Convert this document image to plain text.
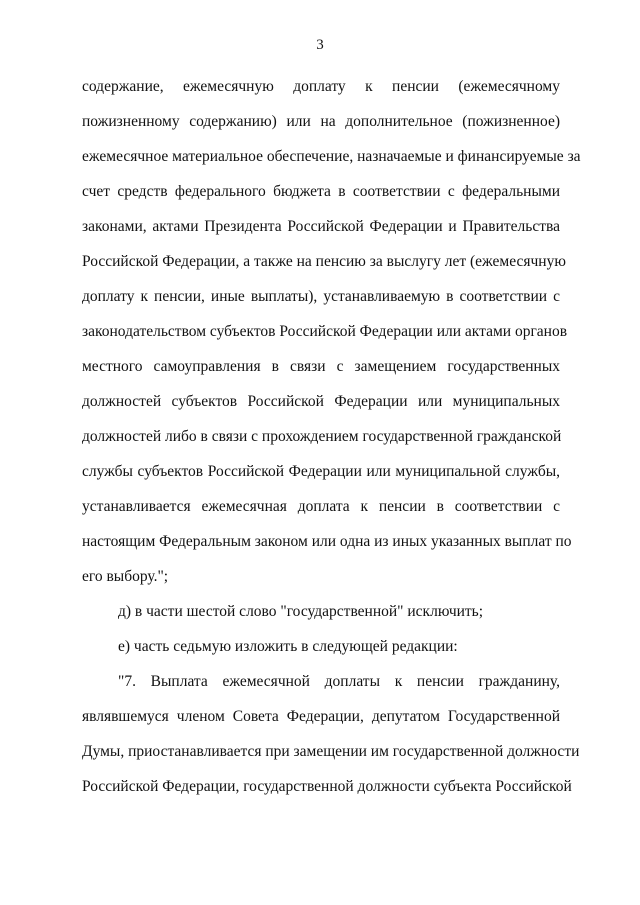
3
содержание, ежемесячную доплату к пенсии (ежемесячному
пожизненному содержанию) или на дополнительное (пожизненное)
ежемесячное материальное обеспечение, назначаемые и финансируемые за
счет средств федерального бюджета в соответствии с федеральными
законами, актами Президента Российской Федерации и Правительства
Российской Федерации, а также на пенсию за выслугу лет (ежемесячную
доплату к пенсии, иные выплаты), устанавливаемую в соответствии с
законодательством субъектов Российской Федерации или актами органов
местного самоуправления в связи с замещением государственных
должностей субъектов Российской Федерации или муниципальных
должностей либо в связи с прохождением государственной гражданской
службы субъектов Российской Федерации или муниципальной службы,
устанавливается ежемесячная доплата к пенсии в соответствии с
настоящим Федеральным законом или одна из иных указанных выплат по
его выбору.";
д) в части шестой слово "государственной" исключить;
е) часть седьмую изложить в следующей редакции:
"7. Выплата ежемесячной доплаты к пенсии гражданину,
являвшемуся членом Совета Федерации, депутатом Государственной
Думы, приостанавливается при замещении им государственной должности
Российской Федерации, государственной должности субъекта Российской
